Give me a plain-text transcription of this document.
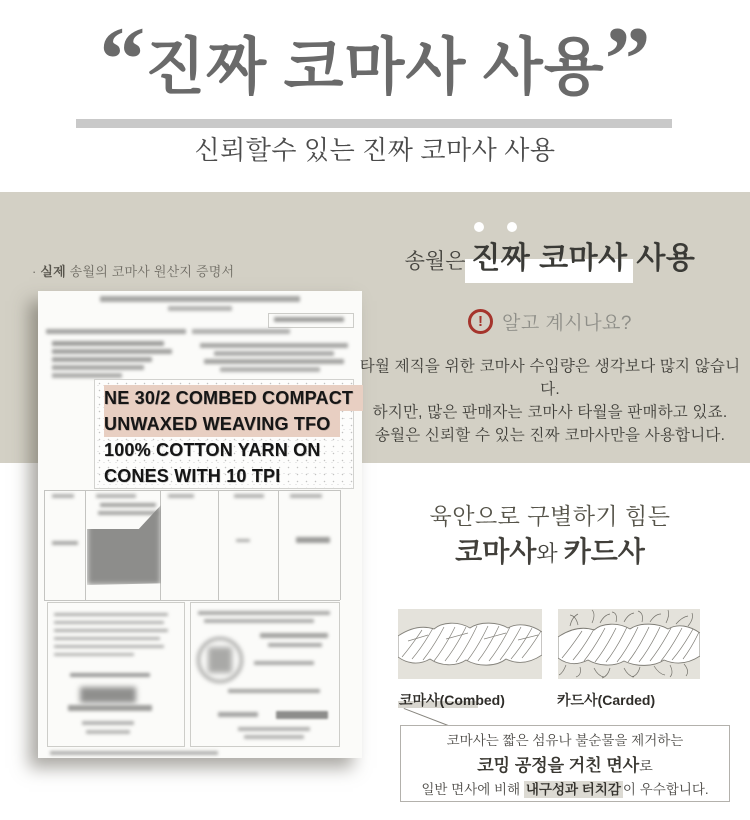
“ 진짜 코마사 사용 ”
신뢰할수 있는 진짜 코마사 사용
· 실제 송월의 코마사 원산지 증명서
NE 30/2 COMBED COMPACT
UNWAXED WEAVING TFO
100% COTTON YARN ON
CONES WITH 10 TPI
송월은 진짜 코마사 사용
!	알고 계시나요?
타월 제직을 위한 코마사 수입량은 생각보다 많지 않습니다.
하지만, 많은 판매자는 코마사 타월을 판매하고 있죠.
송월은 신뢰할 수 있는 진짜 코마사만을 사용합니다.
육안으로 구별하기 힘든
코마사와 카드사
코마사(Combed)	카드사(Carded)
코마사는 짧은 섬유나 불순물을 제거하는
코밍 공정을 거친 면사로
일반 면사에 비해 내구성과 터치감 이 우수합니다.
